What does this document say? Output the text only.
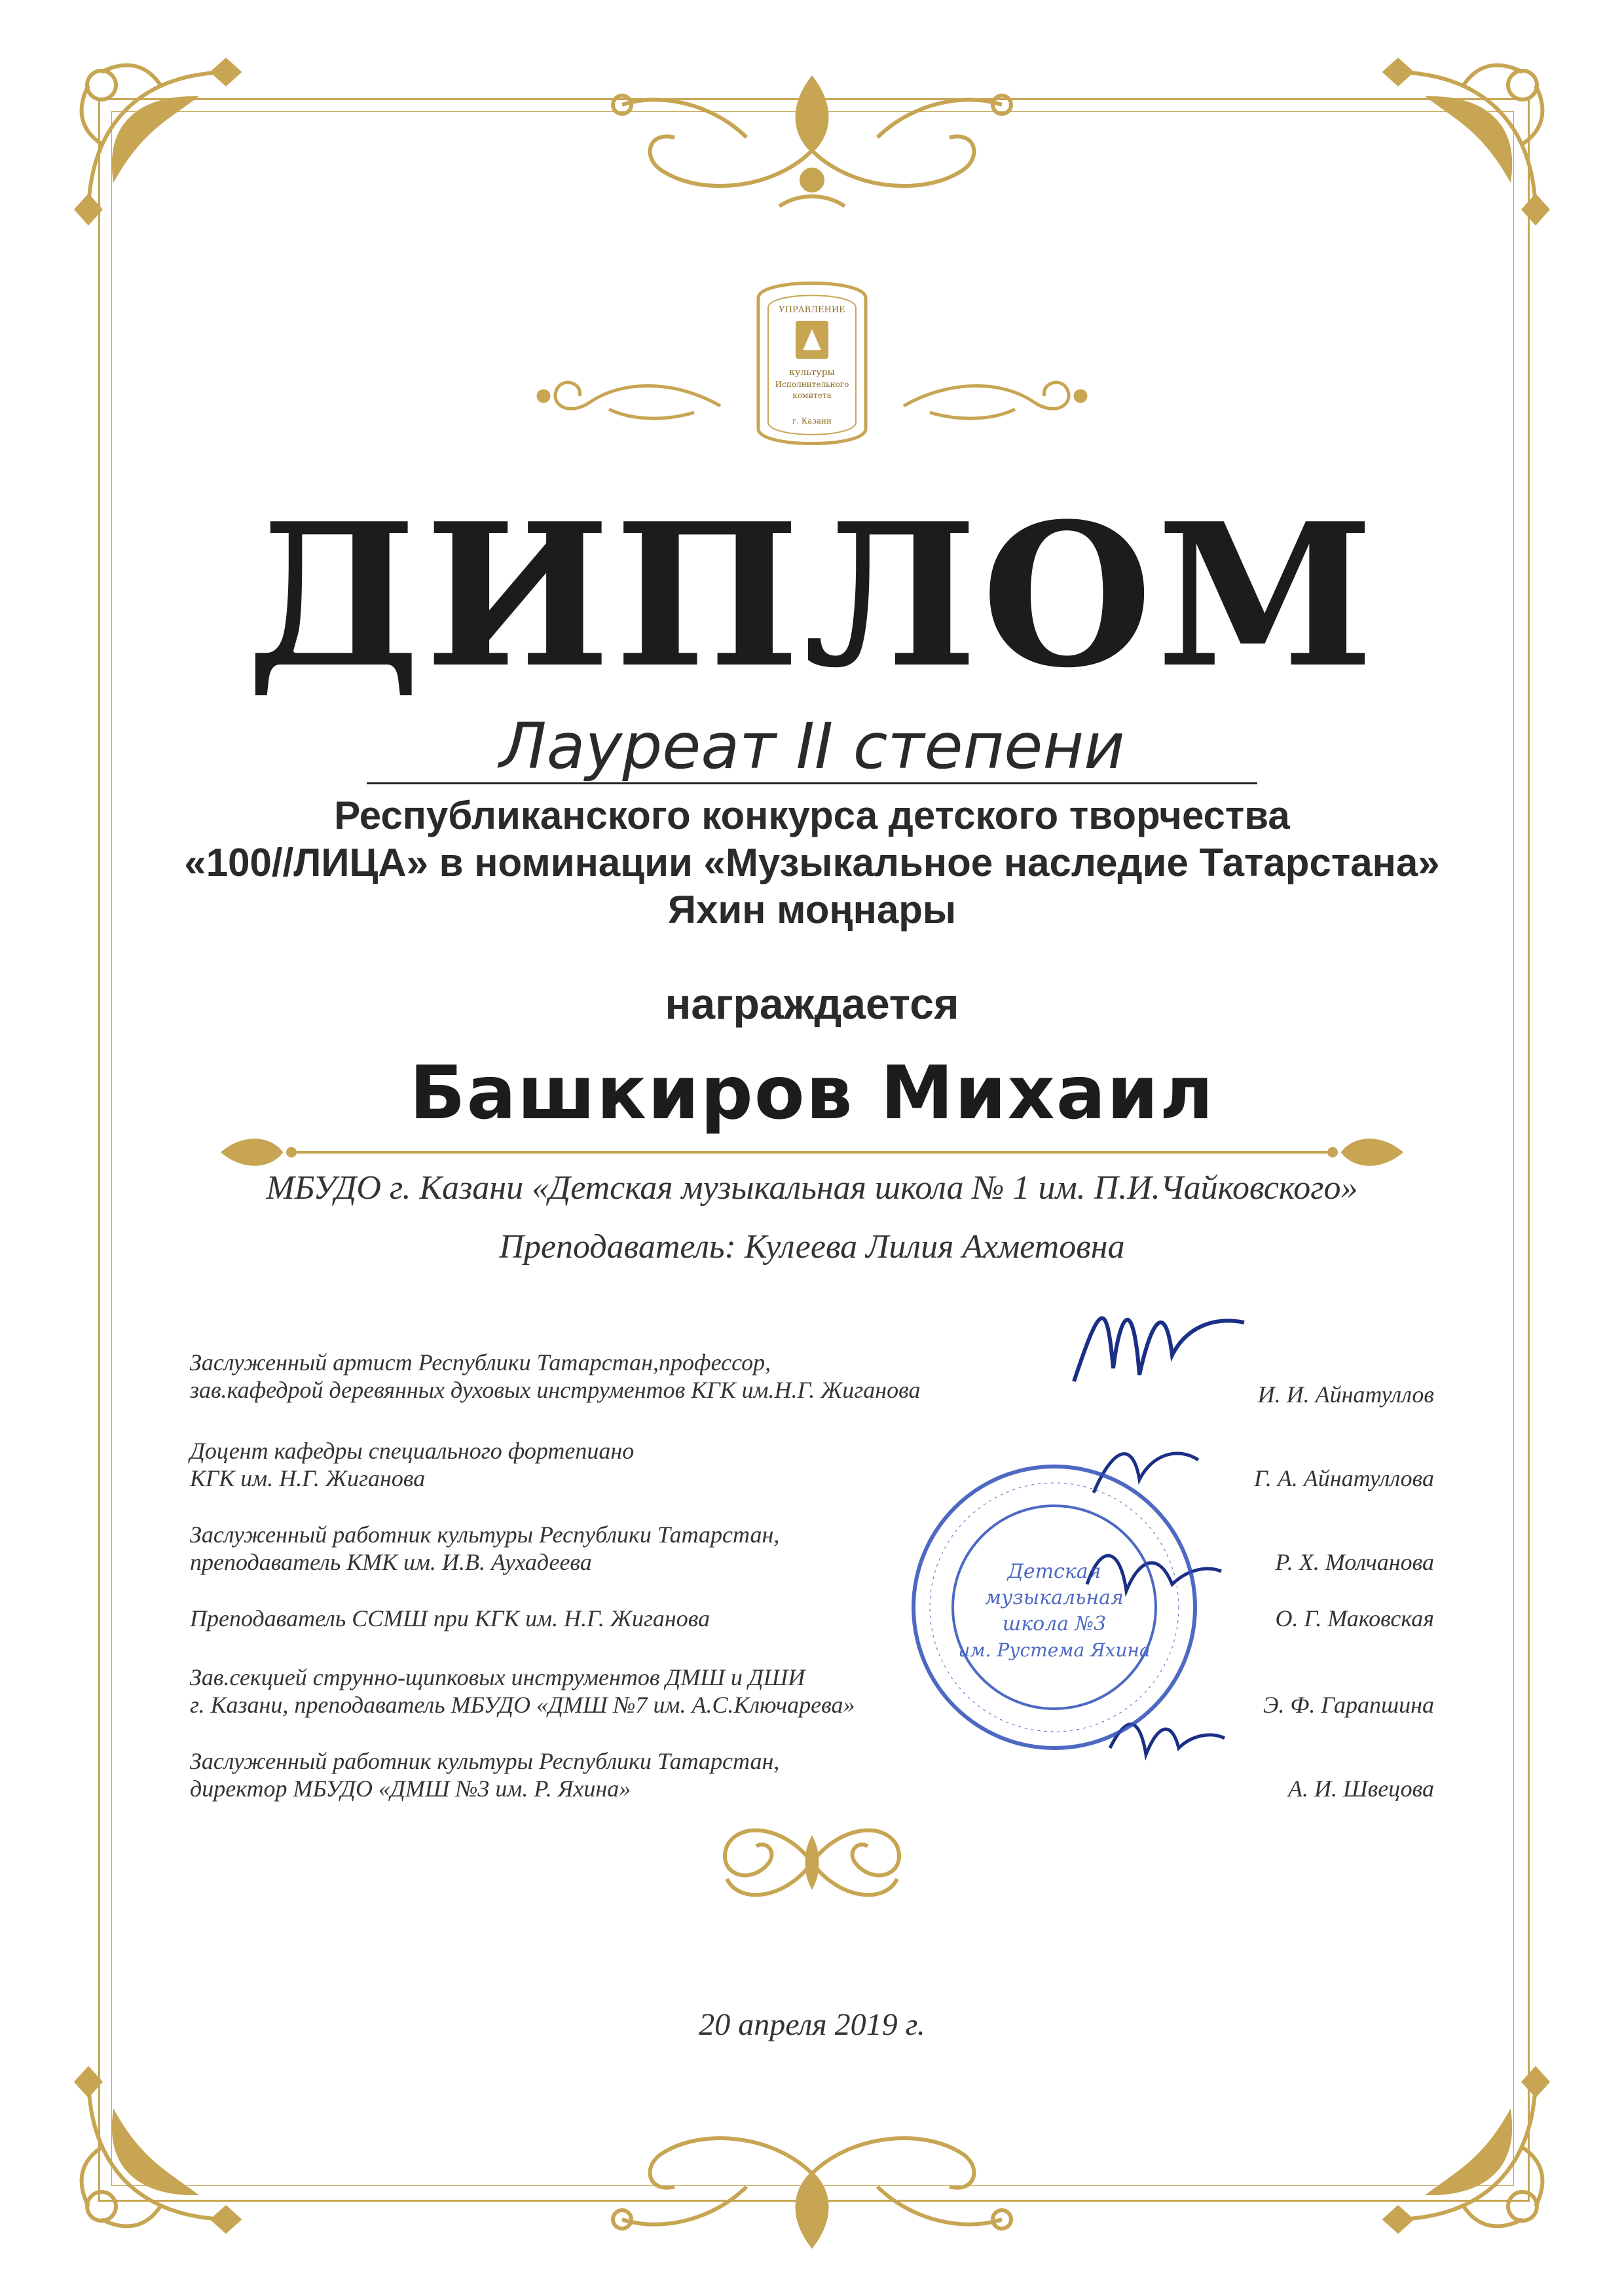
УПРАВЛЕНИЕ
культуры
Исполнительного
комитета
г. Казани
ДИПЛОМ
Лауреат II степени
Республиканского конкурса детского творчества
«100//ЛИЦА» в номинации «Музыкальное наследие Татарстана»
Яхин моңнары
награждается
Башкиров Михаил
МБУДО г. Казани «Детская музыкальная школа № 1 им. П.И.Чайковского»
Преподаватель: Кулеева Лилия Ахметовна
Заслуженный артист Республики Татарстан,профессор,
зав.кафедрой деревянных духовых инструментов КГК им.Н.Г. Жиганова	И. И. Айнатуллов
Доцент кафедры специального фортепиано
КГК им. Н.Г. Жиганова	Г. А. Айнатуллова
Заслуженный работник культуры Республики Татарстан,
преподаватель КМК им. И.В. Аухадеева	Р. Х. Молчанова
Преподаватель ССМШ при КГК им. Н.Г. Жиганова	О. Г. Маковская
Зав.секцией струнно-щипковых инструментов ДМШ и ДШИ
г. Казани, преподаватель МБУДО «ДМШ №7 им. А.С.Ключарева»	Э. Ф. Гарапшина
Заслуженный работник культуры Республики Татарстан,
директор МБУДО «ДМШ №3 им. Р. Яхина»	А. И. Швецова
Детская
музыкальная
школа №3
им. Рустема Яхина
20 апреля 2019 г.
